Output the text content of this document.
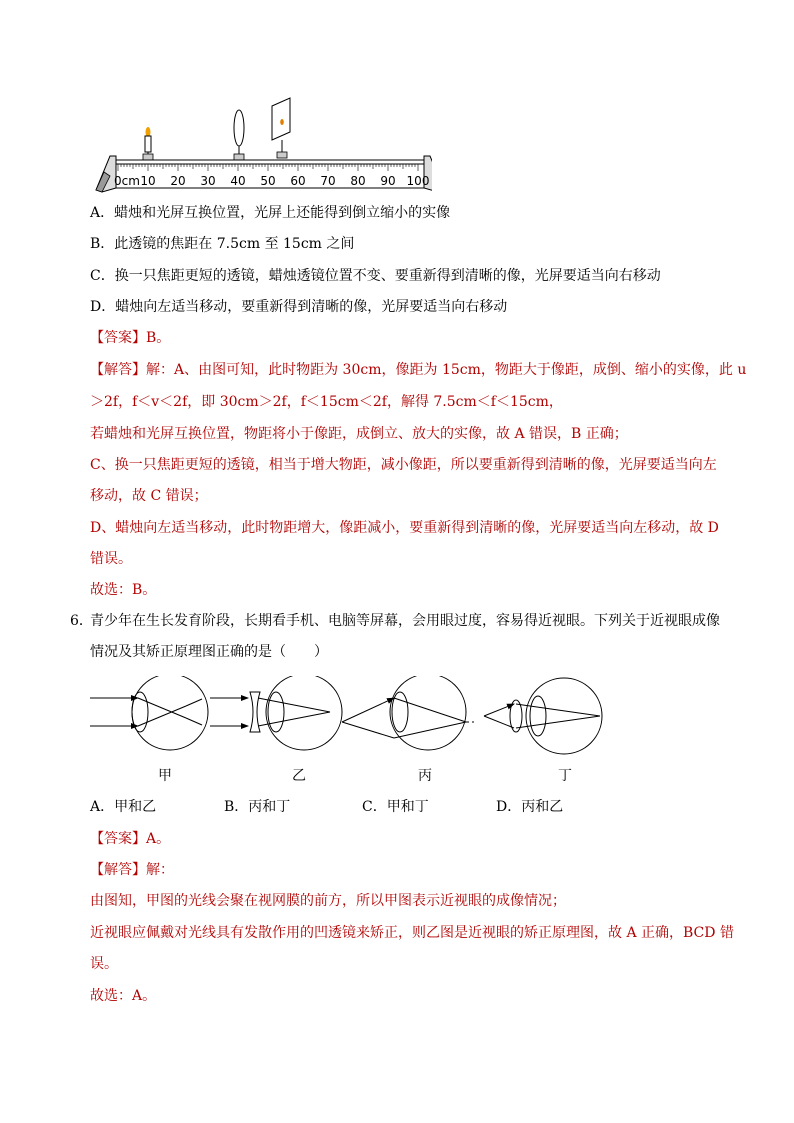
0cm 10 20 30 40 50 60 70 80 90 100
A．蜡烛和光屏互换位置，光屏上还能得到倒立缩小的实像
B．此透镜的焦距在 7.5cm 至 15cm 之间
C．换一只焦距更短的透镜，蜡烛透镜位置不变、要重新得到清晰的像，光屏要适当向右移动
D．蜡烛向左适当移动，要重新得到清晰的像，光屏要适当向右移动
【答案】B。
【解答】解：A、由图可知，此时物距为 30cm，像距为 15cm，物距大于像距，成倒、缩小的实像，此 u
＞2f，f＜v＜2f，即 30cm＞2f，f＜15cm＜2f，解得 7.5cm＜f＜15cm，
若蜡烛和光屏互换位置，物距将小于像距，成倒立、放大的实像，故 A 错误，B 正确；
C、换一只焦距更短的透镜，相当于增大物距，减小像距，所以要重新得到清晰的像，光屏要适当向左
移动，故 C 错误；
D、蜡烛向左适当移动，此时物距增大，像距减小，要重新得到清晰的像，光屏要适当向左移动，故 D
错误。
故选：B。
6．
青少年在生长发育阶段，长期看手机、电脑等屏幕，会用眼过度，容易得近视眼。下列关于近视眼成像
情况及其矫正原理图正确的是（　　）
甲	乙	丙	丁
A．甲和乙	B．丙和丁	C．甲和丁	D．丙和乙
【答案】A。
【解答】解：
由图知，甲图的光线会聚在视网膜的前方，所以甲图表示近视眼的成像情况；
近视眼应佩戴对光线具有发散作用的凹透镜来矫正，则乙图是近视眼的矫正原理图，故 A 正确，BCD 错
误。
故选：A。
